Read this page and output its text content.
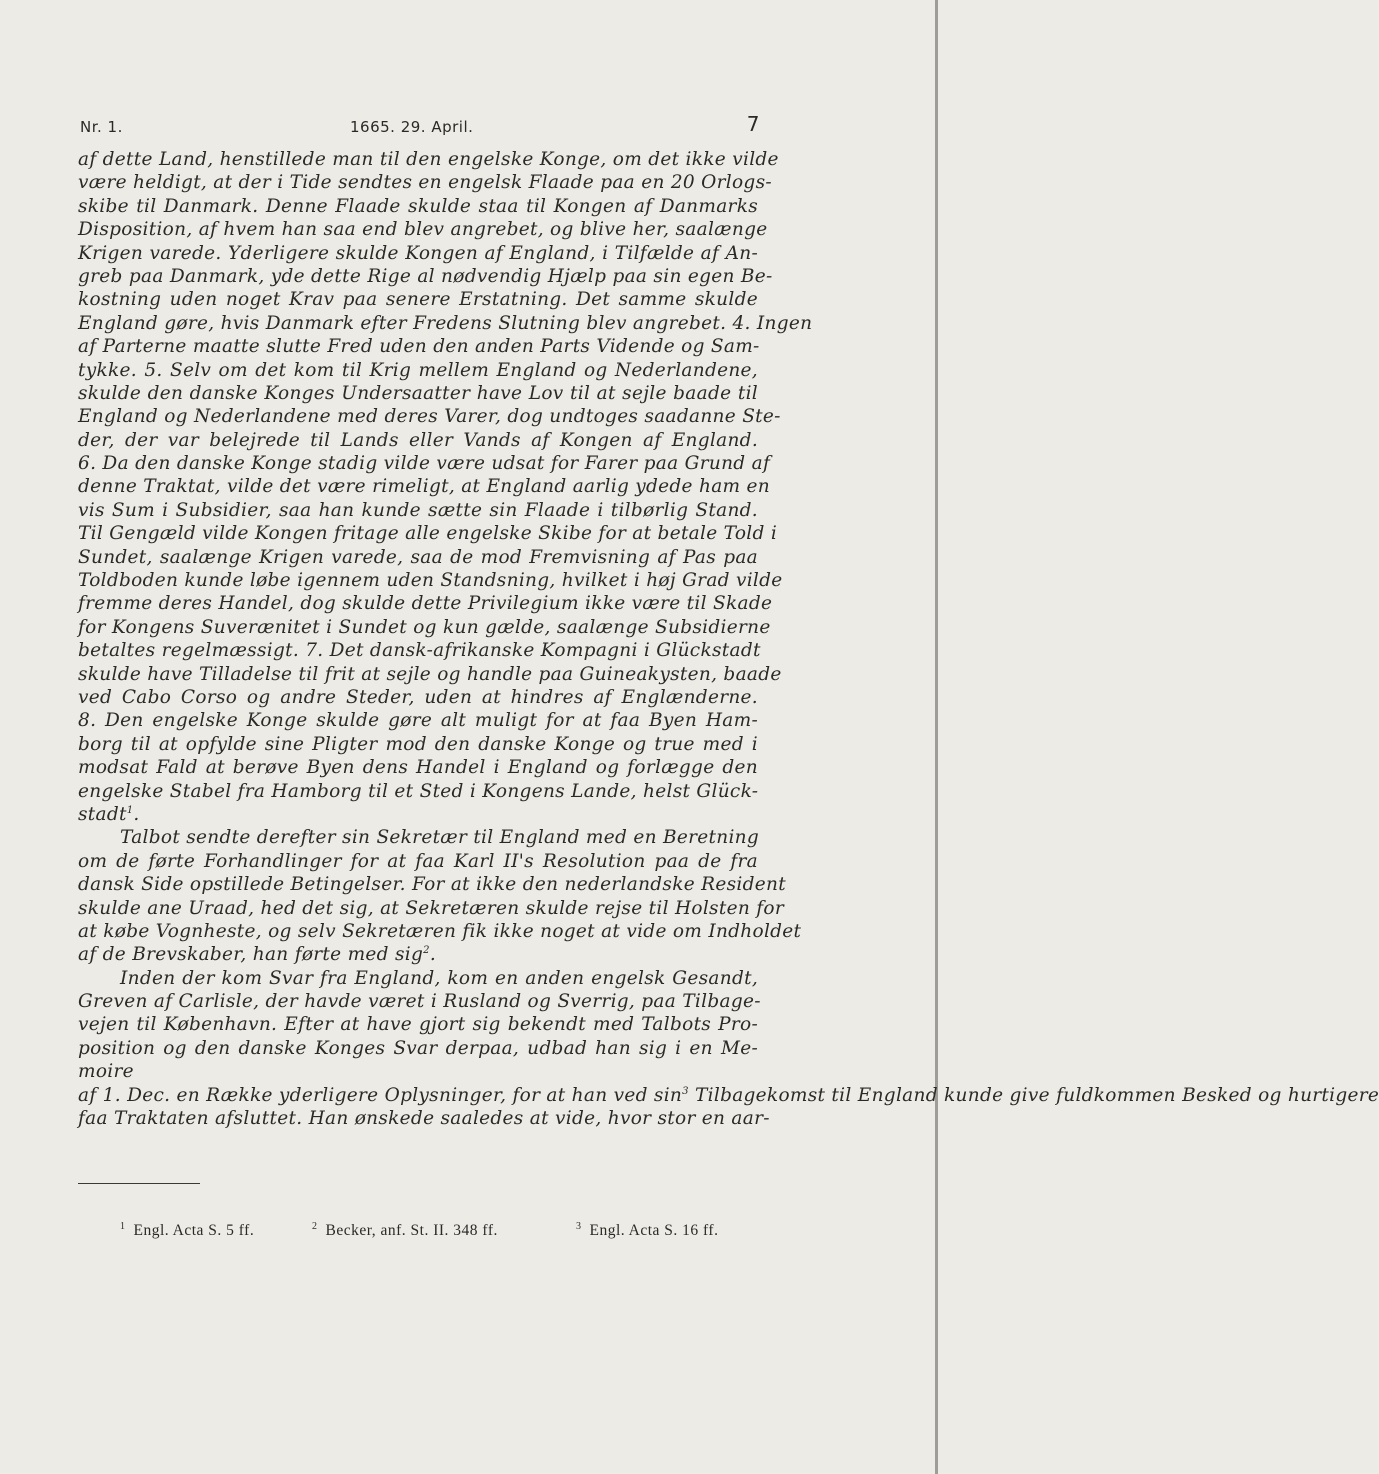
Nr. 1.	1665. 29. April.	7
af dette Land, henstillede man til den engelske Konge, om det ikke vilde
være heldigt, at der i Tide sendtes en engelsk Flaade paa en 20 Orlogs-
skibe til Danmark. Denne Flaade skulde staa til Kongen af Danmarks
Disposition, af hvem han saa end blev angrebet, og blive her, saalænge
Krigen varede. Yderligere skulde Kongen af England, i Tilfælde af An-
greb paa Danmark, yde dette Rige al nødvendig Hjælp paa sin egen Be-
kostning uden noget Krav paa senere Erstatning. Det samme skulde
England gøre, hvis Danmark efter Fredens Slutning blev angrebet. 4. Ingen
af Parterne maatte slutte Fred uden den anden Parts Vidende og Sam-
tykke. 5. Selv om det kom til Krig mellem England og Nederlandene,
skulde den danske Konges Undersaatter have Lov til at sejle baade til
England og Nederlandene med deres Varer, dog undtoges saadanne Ste-
der, der var belejrede til Lands eller Vands af Kongen af England.
6. Da den danske Konge stadig vilde være udsat for Farer paa Grund af
denne Traktat, vilde det være rimeligt, at England aarlig ydede ham en
vis Sum i Subsidier, saa han kunde sætte sin Flaade i tilbørlig Stand.
Til Gengæld vilde Kongen fritage alle engelske Skibe for at betale Told i
Sundet, saalænge Krigen varede, saa de mod Fremvisning af Pas paa
Toldboden kunde løbe igennem uden Standsning, hvilket i høj Grad vilde
fremme deres Handel, dog skulde dette Privilegium ikke være til Skade
for Kongens Suverænitet i Sundet og kun gælde, saalænge Subsidierne
betaltes regelmæssigt. 7. Det dansk-afrikanske Kompagni i Glückstadt
skulde have Tilladelse til frit at sejle og handle paa Guineakysten, baade
ved Cabo Corso og andre Steder, uden at hindres af Englænderne.
8. Den engelske Konge skulde gøre alt muligt for at faa Byen Ham-
borg til at opfylde sine Pligter mod den danske Konge og true med i
modsat Fald at berøve Byen dens Handel i England og forlægge den
engelske Stabel fra Hamborg til et Sted i Kongens Lande, helst Glück-
stadt$^1$.
Talbot sendte derefter sin Sekretær til England med en Beretning
om de førte Forhandlinger for at faa Karl II's Resolution paa de fra
dansk Side opstillede Betingelser. For at ikke den nederlandske Resident
skulde ane Uraad, hed det sig, at Sekretæren skulde rejse til Holsten for
at købe Vognheste, og selv Sekretæren fik ikke noget at vide om Indholdet
af de Brevskaber, han førte med sig$^2$.
Inden der kom Svar fra England, kom en anden engelsk Gesandt,
Greven af Carlisle, der havde været i Rusland og Sverrig, paa Tilbage-
vejen til København. Efter at have gjort sig bekendt med Talbots Pro-
position og den danske Konges Svar derpaa, udbad han sig i en Me-
moire
af 1. Dec. en Række yderligere Oplysninger, for at han ved $\sin^3$ Tilbagekomst til England kunde give fuldkommen Besked og hurtigere
faa Traktaten afsluttet. Han ønskede saaledes at vide, hvor stor en aar-
$^1$ Engl. Acta S. 5 ff.	$^2$ Becker, anf. St. II. 348 ff.	$^3$ Engl. Acta S. 16 ff.
